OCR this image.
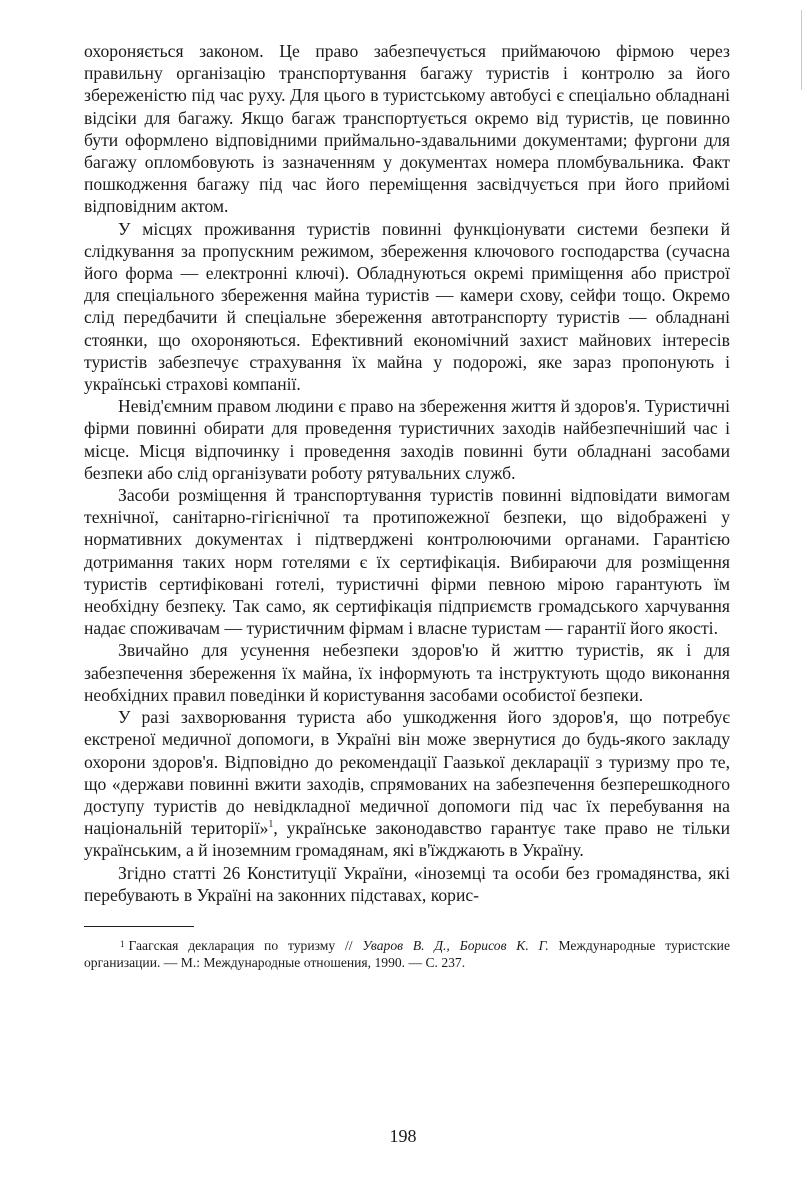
охороняється законом. Це право забезпечується приймаючою фірмою через правильну організацію транспортування багажу туристів і контролю за його збереженістю під час руху. Для цього в туристському автобусі є спеціально обладнані відсіки для багажу. Якщо багаж транспортується окремо від туристів, це повинно бути оформлено відповідними приймально-здавальними документами; фургони для багажу опломбовують із зазначенням у документах номера пломбувальника. Факт пошкодження багажу під час його переміщення засвідчується при його прийомі відповідним актом.

У місцях проживання туристів повинні функціонувати системи безпеки й слідкування за пропускним режимом, збереження ключового господарства (сучасна його форма — електронні ключі). Обладнуються окремі приміщення або пристрої для спеціального збереження майна туристів — камери схову, сейфи тощо. Окремо слід передбачити й спеціальне збереження автотранспорту туристів — обладнані стоянки, що охороняються. Ефективний економічний захист майнових інтересів туристів забезпечує страхування їх майна у подорожі, яке зараз пропонують і українські страхові компанії.

Невід'ємним правом людини є право на збереження життя й здоров'я. Туристичні фірми повинні обирати для проведення туристичних заходів найбезпечніший час і місце. Місця відпочинку і проведення заходів повинні бути обладнані засобами безпеки або слід організувати роботу рятувальних служб.

Засоби розміщення й транспортування туристів повинні відповідати вимогам технічної, санітарно-гігієнічної та протипожежної безпеки, що відображені у нормативних документах і підтверджені контролюючими органами. Гарантією дотримання таких норм готелями є їх сертифікація. Вибираючи для розміщення туристів сертифіковані готелі, туристичні фірми певною мірою гарантують їм необхідну безпеку. Так само, як сертифікація підприємств громадського харчування надає споживачам — туристичним фірмам і власне туристам — гарантії його якості.

Звичайно для усунення небезпеки здоров'ю й життю туристів, як і для забезпечення збереження їх майна, їх інформують та інструктують щодо виконання необхідних правил поведінки й користування засобами особистої безпеки.

У разі захворювання туриста або ушкодження його здоров'я, що потребує екстреної медичної допомоги, в Україні він може звернутися до будь-якого закладу охорони здоров'я. Відповідно до рекомендації Гаазької декларації з туризму про те, що «держави повинні вжити заходів, спрямованих на забезпечення безперешкодного доступу туристів до невідкладної медичної допомоги під час їх перебування на національній території»$^1$, українське законодавство гарантує таке право не тільки українським, а й іноземним громадянам, які в'їжджають в Україну.

Згідно статті 26 Конституції України, «іноземці та особи без громадянства, які перебувають в Україні на законних підставах, корис-

$^1$ Гаагская декларация по туризму // Уваров В. Д., Борисов К. Г. Международные туристские организации. — М.: Международные отношения, 1990. — С. 237.

198
